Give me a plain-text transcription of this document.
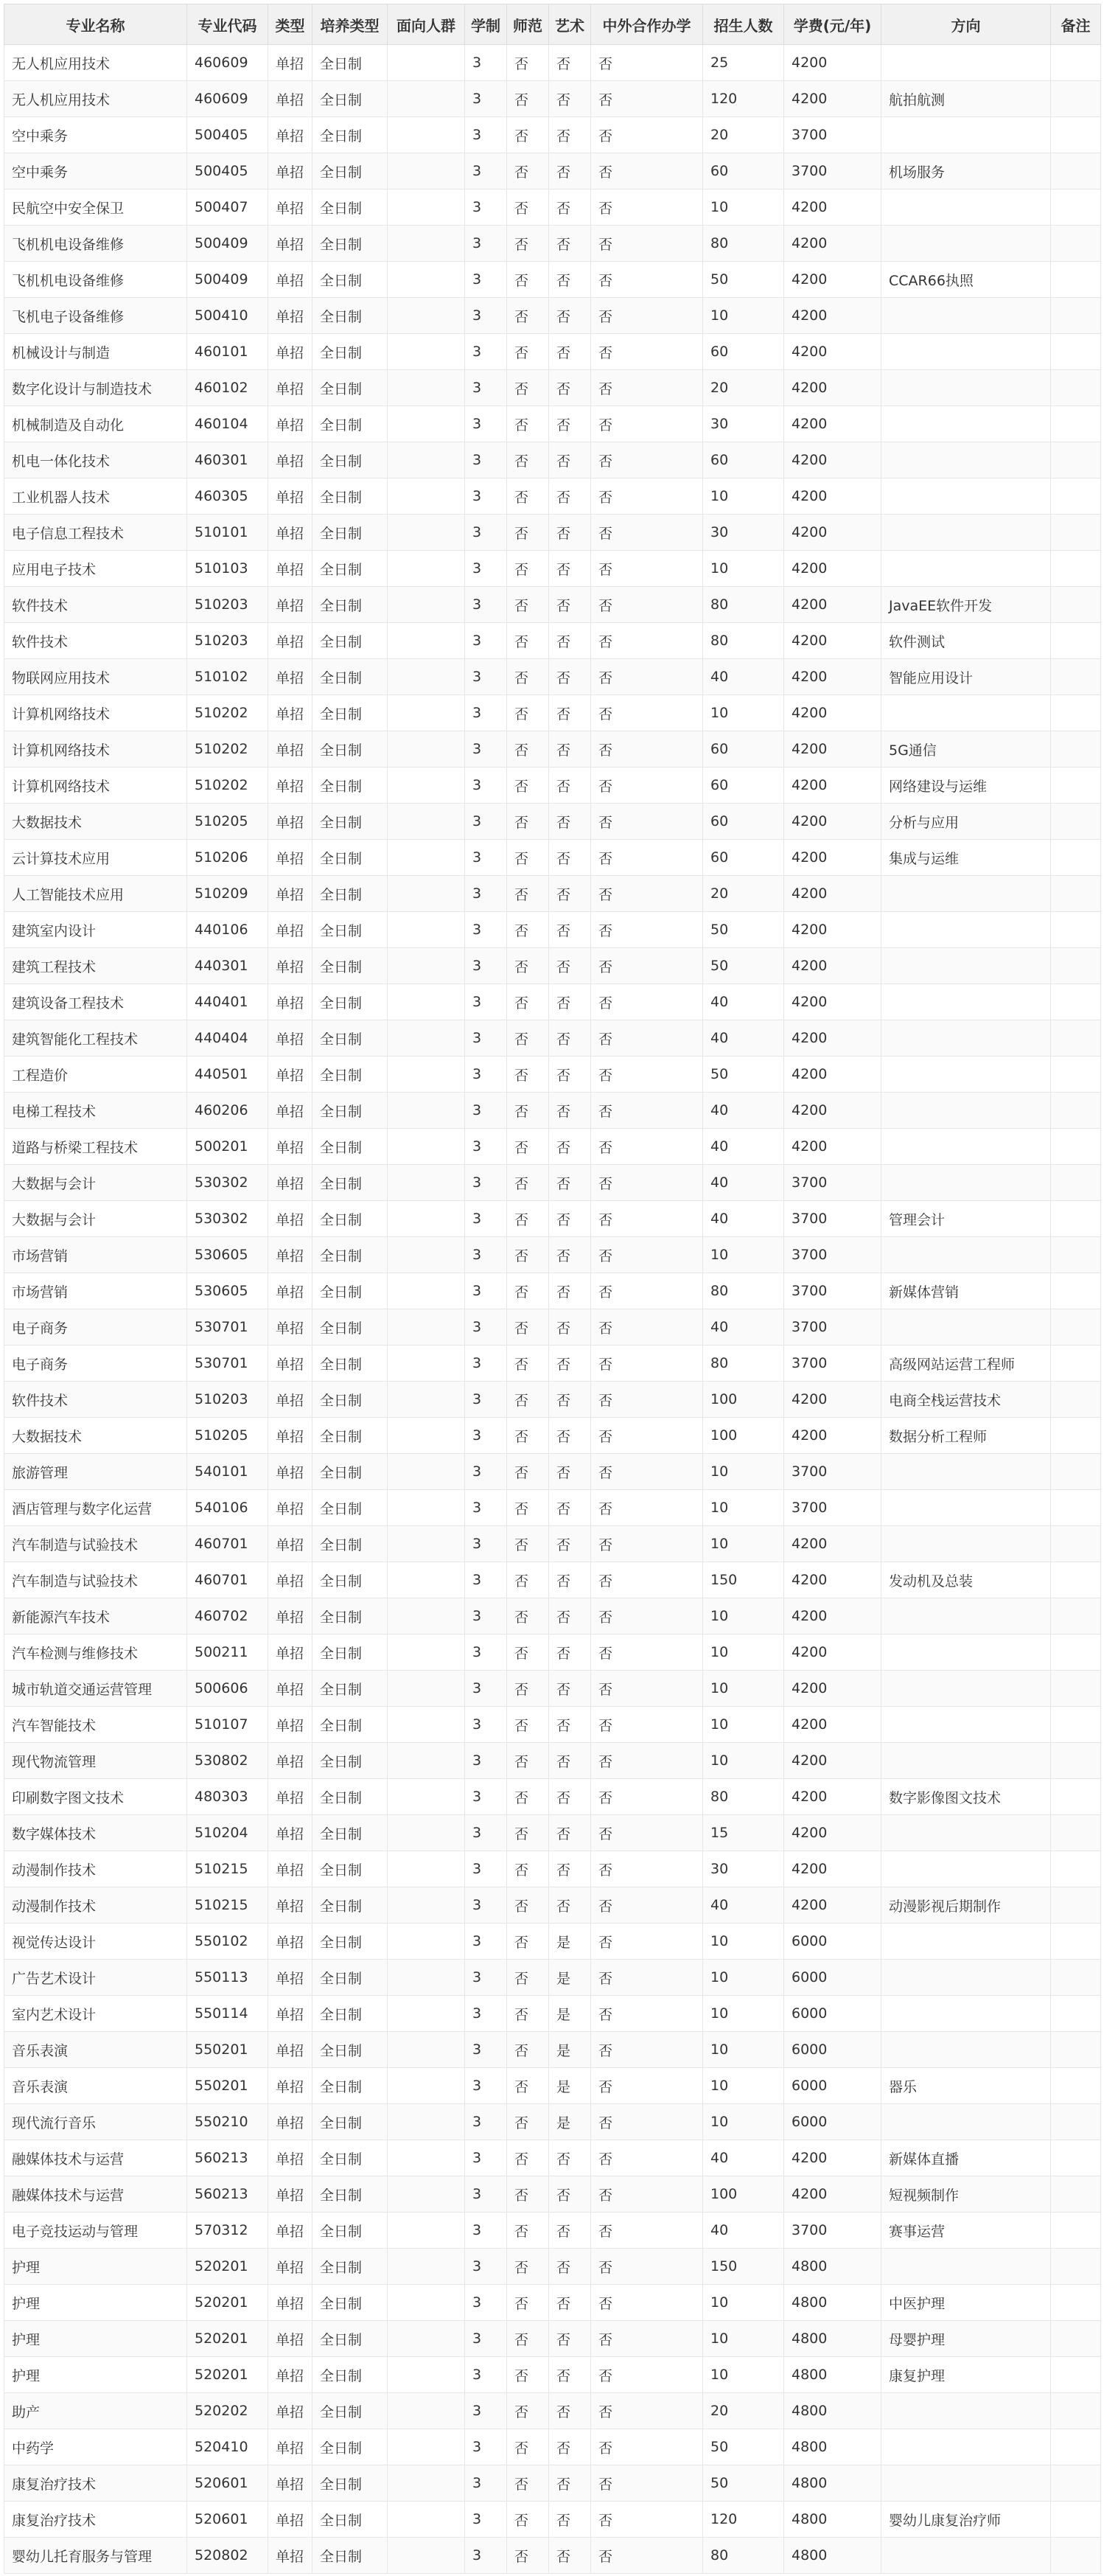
专业名称	专业代码	类型	培养类型	面向人群	学制	师范	艺术	中外合作办学	招生人数	学费(元/年)	方向	备注
无人机应用技术	460609	单招	全日制		3	否	否	否	25	4200		
无人机应用技术	460609	单招	全日制		3	否	否	否	120	4200	航拍航测	
空中乘务	500405	单招	全日制		3	否	否	否	20	3700		
空中乘务	500405	单招	全日制		3	否	否	否	60	3700	机场服务	
民航空中安全保卫	500407	单招	全日制		3	否	否	否	10	4200		
飞机机电设备维修	500409	单招	全日制		3	否	否	否	80	4200		
飞机机电设备维修	500409	单招	全日制		3	否	否	否	50	4200	CCAR66执照	
飞机电子设备维修	500410	单招	全日制		3	否	否	否	10	4200		
机械设计与制造	460101	单招	全日制		3	否	否	否	60	4200		
数字化设计与制造技术	460102	单招	全日制		3	否	否	否	20	4200		
机械制造及自动化	460104	单招	全日制		3	否	否	否	30	4200		
机电一体化技术	460301	单招	全日制		3	否	否	否	60	4200		
工业机器人技术	460305	单招	全日制		3	否	否	否	10	4200		
电子信息工程技术	510101	单招	全日制		3	否	否	否	30	4200		
应用电子技术	510103	单招	全日制		3	否	否	否	10	4200		
软件技术	510203	单招	全日制		3	否	否	否	80	4200	JavaEE软件开发	
软件技术	510203	单招	全日制		3	否	否	否	80	4200	软件测试	
物联网应用技术	510102	单招	全日制		3	否	否	否	40	4200	智能应用设计	
计算机网络技术	510202	单招	全日制		3	否	否	否	10	4200		
计算机网络技术	510202	单招	全日制		3	否	否	否	60	4200	5G通信	
计算机网络技术	510202	单招	全日制		3	否	否	否	60	4200	网络建设与运维	
大数据技术	510205	单招	全日制		3	否	否	否	60	4200	分析与应用	
云计算技术应用	510206	单招	全日制		3	否	否	否	60	4200	集成与运维	
人工智能技术应用	510209	单招	全日制		3	否	否	否	20	4200		
建筑室内设计	440106	单招	全日制		3	否	否	否	50	4200		
建筑工程技术	440301	单招	全日制		3	否	否	否	50	4200		
建筑设备工程技术	440401	单招	全日制		3	否	否	否	40	4200		
建筑智能化工程技术	440404	单招	全日制		3	否	否	否	40	4200		
工程造价	440501	单招	全日制		3	否	否	否	50	4200		
电梯工程技术	460206	单招	全日制		3	否	否	否	40	4200		
道路与桥梁工程技术	500201	单招	全日制		3	否	否	否	40	4200		
大数据与会计	530302	单招	全日制		3	否	否	否	40	3700		
大数据与会计	530302	单招	全日制		3	否	否	否	40	3700	管理会计	
市场营销	530605	单招	全日制		3	否	否	否	10	3700		
市场营销	530605	单招	全日制		3	否	否	否	80	3700	新媒体营销	
电子商务	530701	单招	全日制		3	否	否	否	40	3700		
电子商务	530701	单招	全日制		3	否	否	否	80	3700	高级网站运营工程师	
软件技术	510203	单招	全日制		3	否	否	否	100	4200	电商全栈运营技术	
大数据技术	510205	单招	全日制		3	否	否	否	100	4200	数据分析工程师	
旅游管理	540101	单招	全日制		3	否	否	否	10	3700		
酒店管理与数字化运营	540106	单招	全日制		3	否	否	否	10	3700		
汽车制造与试验技术	460701	单招	全日制		3	否	否	否	10	4200		
汽车制造与试验技术	460701	单招	全日制		3	否	否	否	150	4200	发动机及总装	
新能源汽车技术	460702	单招	全日制		3	否	否	否	10	4200		
汽车检测与维修技术	500211	单招	全日制		3	否	否	否	10	4200		
城市轨道交通运营管理	500606	单招	全日制		3	否	否	否	10	4200		
汽车智能技术	510107	单招	全日制		3	否	否	否	10	4200		
现代物流管理	530802	单招	全日制		3	否	否	否	10	4200		
印刷数字图文技术	480303	单招	全日制		3	否	否	否	80	4200	数字影像图文技术	
数字媒体技术	510204	单招	全日制		3	否	否	否	15	4200		
动漫制作技术	510215	单招	全日制		3	否	否	否	30	4200		
动漫制作技术	510215	单招	全日制		3	否	否	否	40	4200	动漫影视后期制作	
视觉传达设计	550102	单招	全日制		3	否	是	否	10	6000		
广告艺术设计	550113	单招	全日制		3	否	是	否	10	6000		
室内艺术设计	550114	单招	全日制		3	否	是	否	10	6000		
音乐表演	550201	单招	全日制		3	否	是	否	10	6000		
音乐表演	550201	单招	全日制		3	否	是	否	10	6000	器乐	
现代流行音乐	550210	单招	全日制		3	否	是	否	10	6000		
融媒体技术与运营	560213	单招	全日制		3	否	否	否	40	4200	新媒体直播	
融媒体技术与运营	560213	单招	全日制		3	否	否	否	100	4200	短视频制作	
电子竞技运动与管理	570312	单招	全日制		3	否	否	否	40	3700	赛事运营	
护理	520201	单招	全日制		3	否	否	否	150	4800		
护理	520201	单招	全日制		3	否	否	否	10	4800	中医护理	
护理	520201	单招	全日制		3	否	否	否	10	4800	母婴护理	
护理	520201	单招	全日制		3	否	否	否	10	4800	康复护理	
助产	520202	单招	全日制		3	否	否	否	20	4800		
中药学	520410	单招	全日制		3	否	否	否	50	4800		
康复治疗技术	520601	单招	全日制		3	否	否	否	50	4800		
康复治疗技术	520601	单招	全日制		3	否	否	否	120	4800	婴幼儿康复治疗师	
婴幼儿托育服务与管理	520802	单招	全日制		3	否	否	否	80	4800		
